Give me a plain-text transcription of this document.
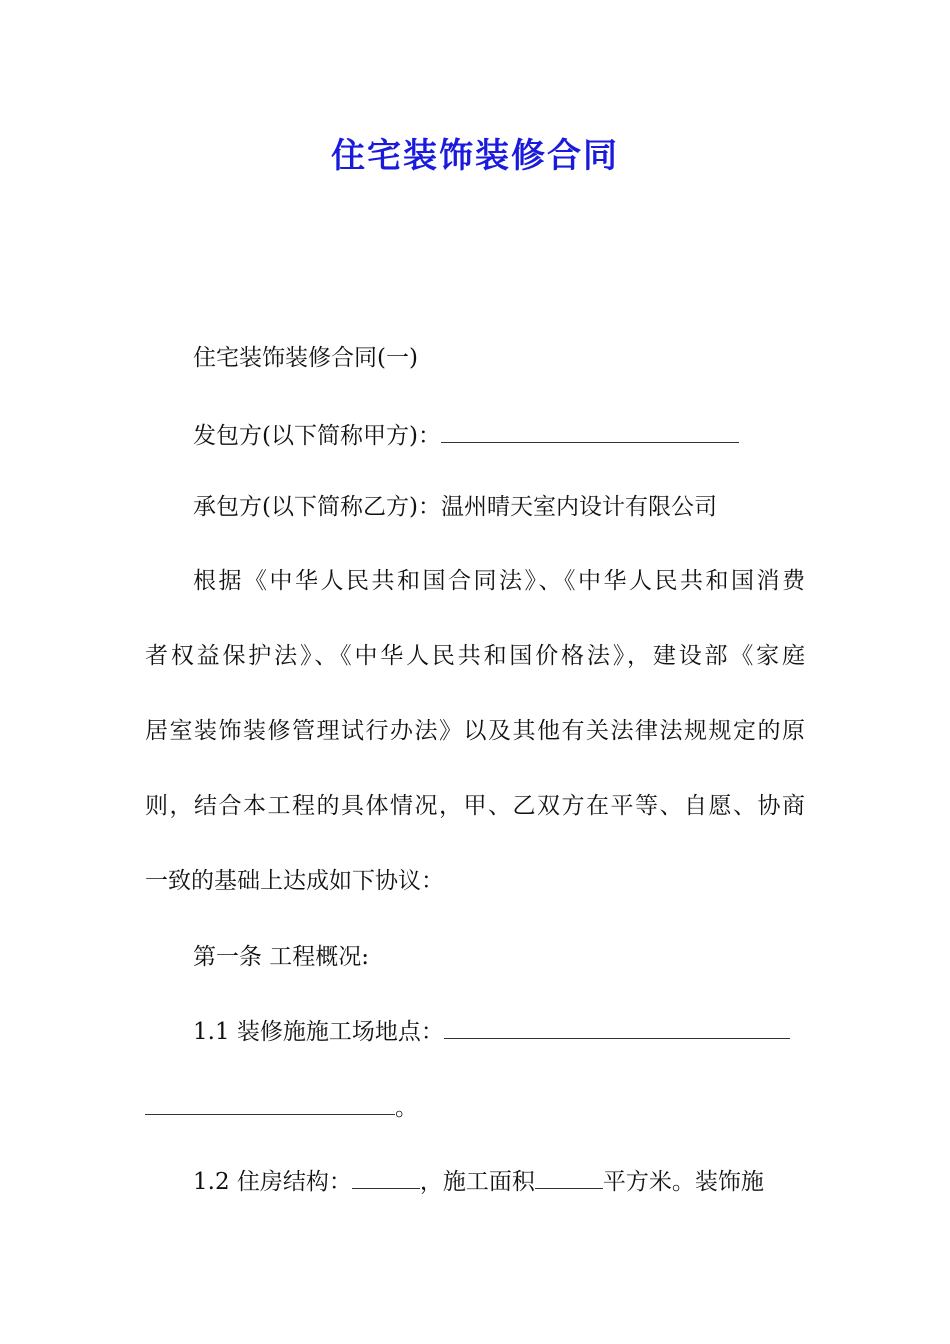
住宅装饰装修合同
住宅装饰装修合同(一)
发包方(以下简称甲方)：
承包方(以下简称乙方)：温州晴天室内设计有限公司
根据《中华人民共和国合同法》、《中华人民共和国消费
者权益保护法》、《中华人民共和国价格法》，建设部《家庭
居室装饰装修管理试行办法》以及其他有关法律法规规定的原
则，结合本工程的具体情况，甲、乙双方在平等、自愿、协商
一致的基础上达成如下协议：
第一条 工程概况:
1.1 装修施施工场地点：
。
1.2 住房结构：	，施工面积	平方米。装饰施
